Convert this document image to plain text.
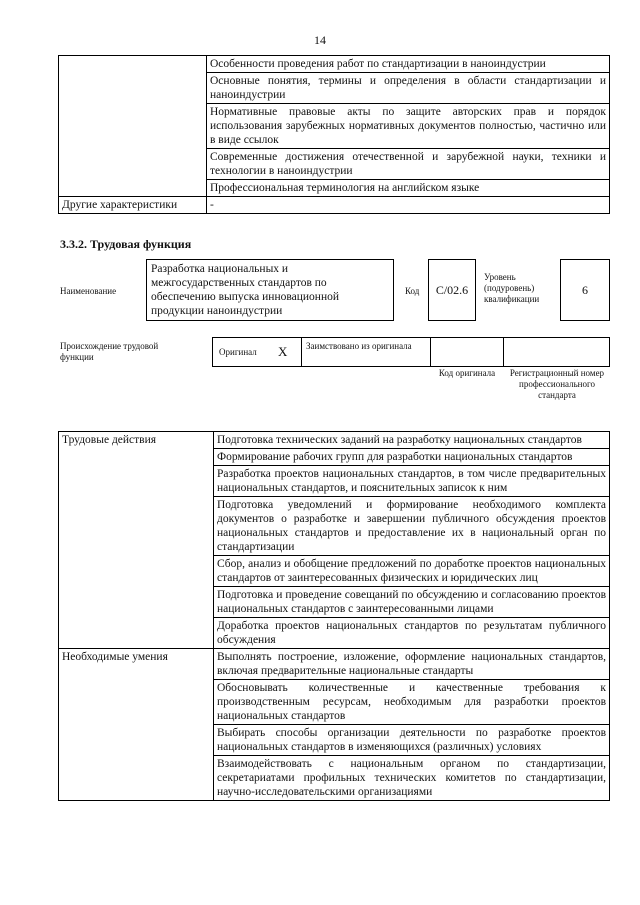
14
	Особенности проведения работ по стандартизации в наноиндустрии
	Основные понятия, термины и определения в области стандартизации и наноиндустрии
	Нормативные правовые акты по защите авторских прав и порядок использования зарубежных нормативных документов полностью, частично или в виде ссылок
	Современные достижения отечественной и зарубежной науки, техники и технологии в наноиндустрии
	Профессиональная терминология на английском языке
Другие характеристики	-
3.3.2. Трудовая функция
Наименование
Разработка национальных и межгосударственных стандартов по обеспечению выпуска инновационной продукции наноиндустрии
Код C/02.6
Уровень (подуровень) квалификации
6
Происхождение трудовой функции	Оригинал X Заимствовано из оригинала
Код оригинала	Регистрационный номер профессионального стандарта
Трудовые действия	Подготовка технических заданий на разработку национальных стандартов
	Формирование рабочих групп для разработки национальных стандартов
	Разработка проектов национальных стандартов, в том числе предварительных национальных стандартов, и пояснительных записок к ним
	Подготовка уведомлений и формирование необходимого комплекта документов о разработке и завершении публичного обсуждения проектов национальных стандартов и предоставление их в национальный орган по стандартизации
	Сбор, анализ и обобщение предложений по доработке проектов национальных стандартов от заинтересованных физических и юридических лиц
	Подготовка и проведение совещаний по обсуждению и согласованию проектов национальных стандартов с заинтересованными лицами
	Доработка проектов национальных стандартов по результатам публичного обсуждения
Необходимые умения	Выполнять построение, изложение, оформление национальных стандартов, включая предварительные национальные стандарты
	Обосновывать количественные и качественные требования к производственным ресурсам, необходимым для разработки проектов национальных стандартов
	Выбирать способы организации деятельности по разработке проектов национальных стандартов в изменяющихся (различных) условиях
	Взаимодействовать с национальным органом по стандартизации, секретариатами профильных технических комитетов по стандартизации, научно-исследовательскими организациями
